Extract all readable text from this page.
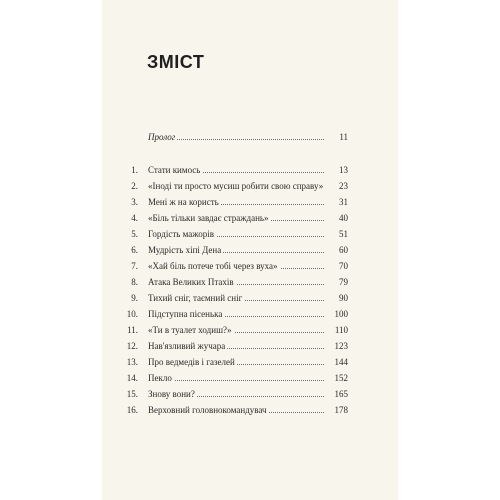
ЗМІСТ
Пролог	11
1. Стати кимось	13
2. «Іноді ти просто мусиш робити свою справу»	23
3. Мені ж на користь	31
4. «Біль тільки завдає страждань»	40
5. Гордість мажорів	51
6. Мудрість хіпі Дена	60
7. «Хай біль потече тобі через вуха»	70
8. Атака Великих Птахів	79
9. Тихий сніг, таємний сніг	90
10. Підступна пісенька	100
11. «Ти в туалет ходиш?»	110
12. Нав'язливий жучара	123
13. Про ведмедів і газелей	144
14. Пекло	152
15. Знову вони?	165
16. Верховний головнокомандувач	178
